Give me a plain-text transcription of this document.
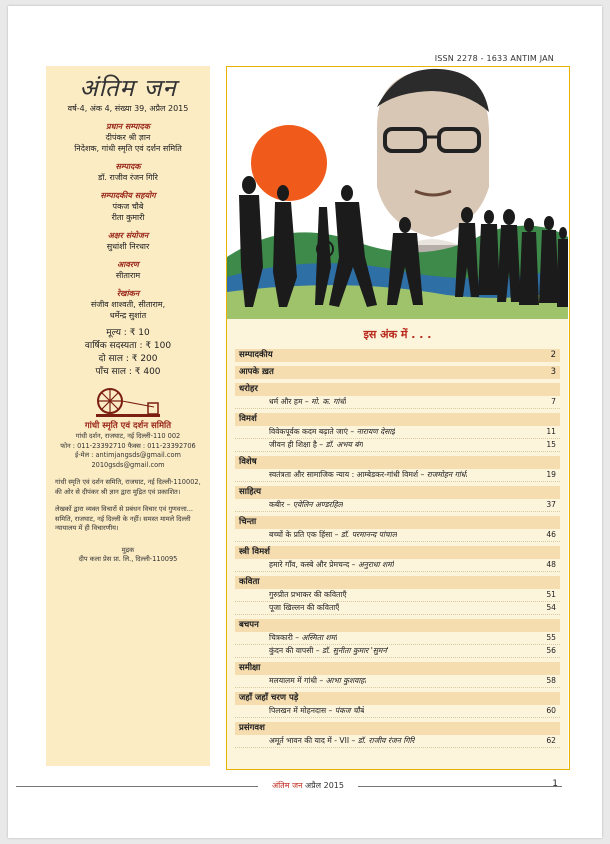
ISSN 2278 - 1633 ANTIM JAN
अंतिम जन
वर्ष-4, अंक 4, संख्या 39, अप्रैल 2015
प्रधान सम्पादक
दीपंकर श्री ज्ञान
निदेशक, गांधी स्मृति एवं दर्शन समिति
सम्पादक
डॉ. राजीव रंजन गिरि
सम्पादकीय सहयोग
पंकज चौबे
रीता कुमारी
अक्षर संयोजन
सुधांशी निरधार
आवरण
सीताराम
रेखांकन
संजीव शाश्वती, सीताराम,
धर्मेन्द्र सुशांत
मूल्य : ₹ 10
वार्षिक सदस्यता : ₹ 100
दो साल : ₹ 200
पाँच साल : ₹ 400
गांधी स्मृति एवं दर्शन समिति
गांधी दर्शन, राजघाट, नई दिल्ली-110 002
फोन : 011-23392710 फैक्स : 011-23392706
ई-मेल : antimjangsds@gmail.com
2010gsds@gmail.com
गांधी स्मृति एवं दर्शन समिति, राजघाट, नई दिल्ली-110002, की ओर से दीपंकर श्री ज्ञान द्वारा मुद्रित एवं प्रकाशित।
लेखकों द्वारा व्यक्त विचारों से प्रबंधन विचार एवं गुणवत्ता... समिति, राजघाट, नई दिल्ली के नहीं। समस्त मामले दिल्ली न्यायालय में ही विचारणीय।
मुद्रक
दीप कला प्रेस प्रा. लि., दिल्ली-110095
इस अंक में . . .
सम्पादकीय	2
आपके ख़त	3
धरोहर
धर्म और हम – मो. क. गांधी	7
विमर्श
विवेकपूर्वक कदम बढ़ाते जाएं – नारायण देसाई	11
जीवन ही शिक्षा है – डॉ. अभय बंग	15
विशेष
स्वतंत्रता और सामाजिक न्याय : आम्बेडकर-गांधी विमर्श – राजमोहन गांधी	19
साहित्य
कबीर – एवेलिन अण्डरहिल	37
चिन्ता
बच्चों के प्रति एक हिंसा – डॉ. परमानन्द पांचाल	46
स्त्री विमर्श
हमारे गाँव, कस्बे और प्रेमचन्द – अनुराधा शर्मा	48
कविता
गुरुप्रीत प्रभाकर की कविताएँ	51
पूजा खिल्लन की कविताएँ	54
बचपन
चित्रकारी – अस्मिता शर्मा	55
कुंदन की वापसी – डॉ. सुनीता कुमार 'सुमन'	56
समीक्षा
मलयालम में गांधी – आभा कुशवाहा	58
जहाँ जहाँ चरण पड़े
पिलखन में मोहनदास – पंकज चौबे	60
प्रसंगवश
अमूर्त भावन की याद में - VII – डॉ. राजीव रंजन गिरि	62
अंतिम जन अप्रैल 2015	1
